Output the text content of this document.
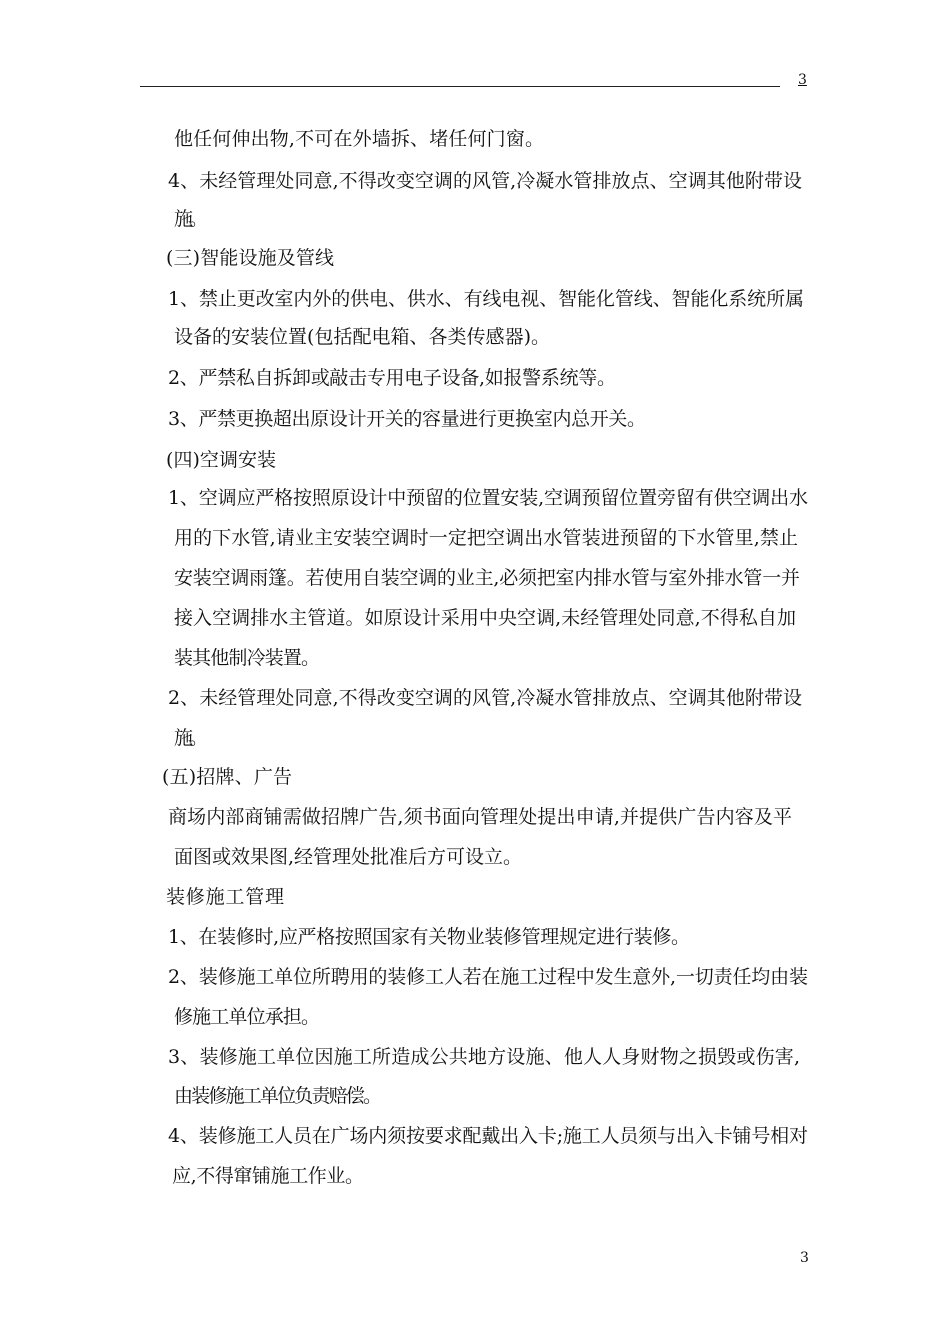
3
他任何伸出物,不可在外墙拆、堵任何门窗。
4、未经管理处同意,不得改变空调的风管,冷凝水管排放点、空调其他附带设
施。
(三)智能设施及管线
1、禁止更改室内外的供电、供水、有线电视、智能化管线、智能化系统所属
设备的安装位置(包括配电箱、各类传感器)。
2、严禁私自拆卸或敲击专用电子设备,如报警系统等。
3、严禁更换超出原设计开关的容量进行更换室内总开关。
(四)空调安装
1、空调应严格按照原设计中预留的位置安装,空调预留位置旁留有供空调出水
用的下水管,请业主安装空调时一定把空调出水管装进预留的下水管里,禁止
安装空调雨篷。若使用自装空调的业主,必须把室内排水管与室外排水管一并
接入空调排水主管道。如原设计采用中央空调,未经管理处同意,不得私自加
装其他制冷装置。
2、未经管理处同意,不得改变空调的风管,冷凝水管排放点、空调其他附带设
施。
(五)招牌、广告
商场内部商铺需做招牌广告,须书面向管理处提出申请,并提供广告内容及平
面图或效果图,经管理处批准后方可设立。
装修施工管理
1、在装修时,应严格按照国家有关物业装修管理规定进行装修。
2、装修施工单位所聘用的装修工人若在施工过程中发生意外,一切责任均由装
修施工单位承担。
3、装修施工单位因施工所造成公共地方设施、他人人身财物之损毁或伤害,
由装修施工单位负责赔偿。
4、装修施工人员在广场内须按要求配戴出入卡;施工人员须与出入卡铺号相对
应,不得窜铺施工作业。
3
